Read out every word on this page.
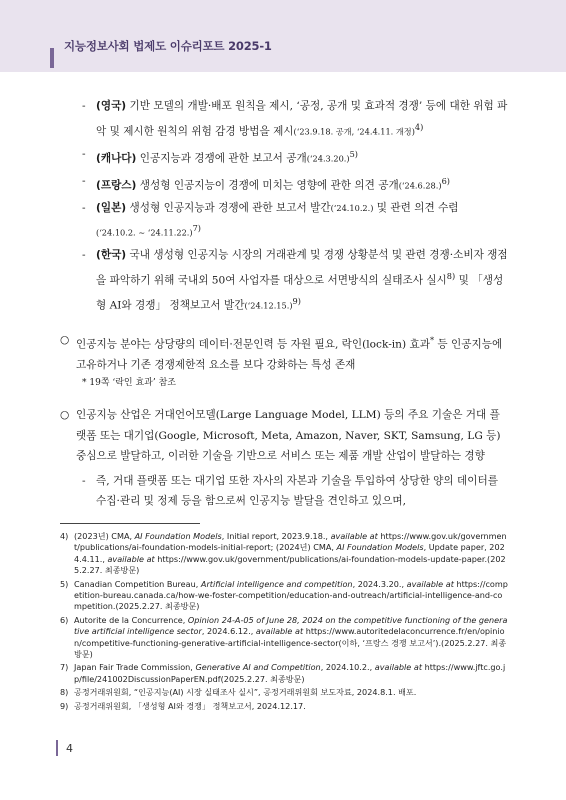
지능정보사회 법제도 이슈리포트 2025-1
- (영국) 기반 모델의 개발·배포 원칙을 제시, ‘공정, 공개 및 효과적 경쟁’ 등에 대한 위험 파악 및 제시한 원칙의 위험 감경 방법을 제시(‘23.9.18. 공개, ‘24.4.11. 개정)$^{4)}$
- (캐나다) 인공지능과 경쟁에 관한 보고서 공개(‘24.3.20.)$^{5)}$
- (프랑스) 생성형 인공지능이 경쟁에 미치는 영향에 관한 의견 공개(‘24.6.28.)$^{6)}$
- (일본) 생성형 인공지능과 경쟁에 관한 보고서 발간(‘24.10.2.) 및 관련 의견 수렴
(‘24.10.2. ~ ‘24.11.22.)$^{7)}$
- (한국) 국내 생성형 인공지능 시장의 거래관계 및 경쟁 상황분석 및 관련 경쟁·소비자 쟁점을 파악하기 위해 국내외 50여 사업자를 대상으로 서면방식의 실태조사 실시$^{8)}$ 및 「생성형 AI와 경쟁」 정책보고서 발간(‘24.12.15.)$^{9)}$
○ 인공지능 분야는 상당량의 데이터·전문인력 등 자원 필요, 락인(lock-in) 효과* 등 인공지능에 고유하거나 기존 경쟁제한적 요소를 보다 강화하는 특성 존재
* 19쪽 ‘락인 효과’ 참조
○ 인공지능 산업은 거대언어모델(Large Language Model, LLM) 등의 주요 기술은 거대 플랫폼 또는 대기업(Google, Microsoft, Meta, Amazon, Naver, SKT, Samsung, LG 등) 중심으로 발달하고, 이러한 기술을 기반으로 서비스 또는 제품 개발 산업이 발달하는 경향
- 즉, 거대 플랫폼 또는 대기업 또한 자사의 자본과 기술을 투입하여 상당한 양의 데이터를 수집·관리 및 정제 등을 함으로써 인공지능 발달을 견인하고 있으며,
4) (2023년) CMA, AI Foundation Models, Initial report, 2023.9.18., available at https://www.gov.uk/government/publications/ai-foundation-models-initial-report; (2024년) CMA, AI Foundation Models, Update paper, 2024.4.11., available at https://www.gov.uk/government/publications/ai-foundation-models-update-paper.(2025.2.27. 최종방문)
5) Canadian Competition Bureau, Artificial intelligence and competition, 2024.3.20., available at https://competition-bureau.canada.ca/how-we-foster-competition/education-and-outreach/artificial-intelligence-and-competition.(2025.2.27. 최종방문)
6) Autorite de la Concurrence, Opinion 24-A-05 of June 28, 2024 on the competitive functioning of the generative artificial intelligence sector, 2024.6.12., available at https://www.autoritedelaconcurrence.fr/en/opinion/competitive-functioning-generative-artificial-intelligence-sector(이하, ‘프랑스 경쟁 보고서’).(2025.2.27. 최종방문)
7) Japan Fair Trade Commission, Generative AI and Competition, 2024.10.2., available at https://www.jftc.go.jp/file/241002DiscussionPaperEN.pdf(2025.2.27. 최종방문)
8) 공정거래위원회, “인공지능(AI) 시장 실태조사 실시”, 공정거래위원회 보도자료, 2024.8.1. 배포.
9) 공정거래위원회, 「생성형 AI와 경쟁」 정책보고서, 2024.12.17.
4
